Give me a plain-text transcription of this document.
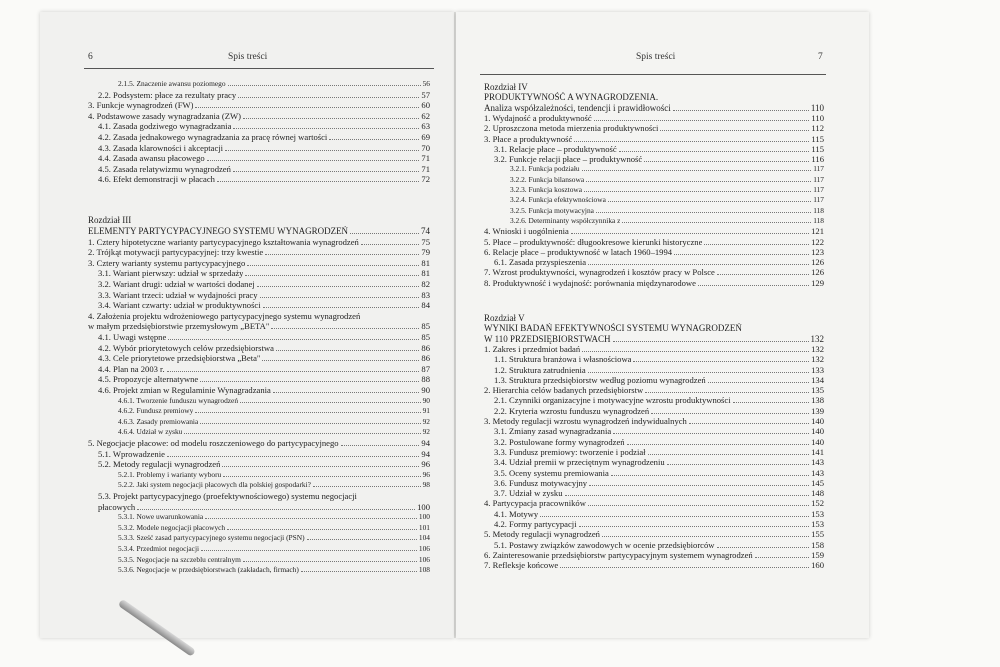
6	Spis treści
2.1.5. Znaczenie awansu poziomego	56
2.2. Podsystem: płace za rezultaty pracy	57
3. Funkcje wynagrodzeń (FW)	60
4. Podstawowe zasady wynagradzania (ZW)	62
4.1. Zasada godziwego wynagradzania	63
4.2. Zasada jednakowego wynagradzania za pracę równej wartości	69
4.3. Zasada klarowności i akceptacji	70
4.4. Zasada awansu płacowego	71
4.5. Zasada relatywizmu wynagrodzeń	71
4.6. Efekt demonstracji w płacach	72
Rozdział III
ELEMENTY PARTYCYPACYJNEGO SYSTEMU WYNAGRODZEŃ	74
1. Cztery hipotetyczne warianty partycypacyjnego kształtowania wynagrodzeń	75
2. Trójkąt motywacji partycypacyjnej: trzy kwestie	79
3. Cztery warianty systemu partycypacyjnego	81
3.1. Wariant pierwszy: udział w sprzedaży	81
3.2. Wariant drugi: udział w wartości dodanej	82
3.3. Wariant trzeci: udział w wydajności pracy	83
3.4. Wariant czwarty: udział w produktywności	84
4. Założenia projektu wdrożeniowego partycypacyjnego systemu wynagrodzeń
w małym przedsiębiorstwie przemysłowym „BETA"	85
4.1. Uwagi wstępne	85
4.2. Wybór priorytetowych celów przedsiębiorstwa	86
4.3. Cele priorytetowe przedsiębiorstwa „Beta"	86
4.4. Plan na 2003 r.	87
4.5. Propozycje alternatywne	88
4.6. Projekt zmian w Regulaminie Wynagradzania	90
4.6.1. Tworzenie funduszu wynagrodzeń	90
4.6.2. Fundusz premiowy	91
4.6.3. Zasady premiowania	92
4.6.4. Udział w zysku	92
5. Negocjacje płacowe: od modelu roszczeniowego do partycypacyjnego	94
5.1. Wprowadzenie	94
5.2. Metody regulacji wynagrodzeń	96
5.2.1. Problemy i warianty wyboru	96
5.2.2. Jaki system negocjacji płacowych dla polskiej gospodarki?	98
5.3. Projekt partycypacyjnego (proefektywnościowego) systemu negocjacji
płacowych	100
5.3.1. Nowe uwarunkowania	100
5.3.2. Modele negocjacji płacowych	101
5.3.3. Sześć zasad partycypacyjnego systemu negocjacji (PSN)	104
5.3.4. Przedmiot negocjacji	106
5.3.5. Negocjacje na szczeblu centralnym	106
5.3.6. Negocjacje w przedsiębiorstwach (zakładach, firmach)	108
Spis treści	7
Rozdział IV
PRODUKTYWNOŚĆ A WYNAGRODZENIA.
Analiza współzależności, tendencji i prawidłowości	110
1. Wydajność a produktywność	110
2. Uproszczona metoda mierzenia produktywności	112
3. Płace a produktywność	115
3.1. Relacje płace – produktywność	115
3.2. Funkcje relacji płace – produktywność	116
3.2.1. Funkcja podziału	117
3.2.2. Funkcja bilansowa	117
3.2.3. Funkcja kosztowa	117
3.2.4. Funkcja efektywnościowa	117
3.2.5. Funkcja motywacyjna	118
3.2.6. Determinanty współczynnika z	118
4. Wnioski i uogólnienia	121
5. Płace – produktywność: długookresowe kierunki historyczne	122
6. Relacje płace – produktywność w latach 1960–1994	123
6.1. Zasada przyspieszenia	126
7. Wzrost produktywności, wynagrodzeń i kosztów pracy w Polsce	126
8. Produktywność i wydajność: porównania międzynarodowe	129
Rozdział V
WYNIKI BADAŃ EFEKTYWNOŚCI SYSTEMU WYNAGRODZEŃ
W 110 PRZEDSIĘBIORSTWACH	132
1. Zakres i przedmiot badań	132
1.1. Struktura branżowa i własnościowa	132
1.2. Struktura zatrudnienia	133
1.3. Struktura przedsiębiorstw według poziomu wynagrodzeń	134
2. Hierarchia celów badanych przedsiębiorstw	135
2.1. Czynniki organizacyjne i motywacyjne wzrostu produktywności	138
2.2. Kryteria wzrostu funduszu wynagrodzeń	139
3. Metody regulacji wzrostu wynagrodzeń indywidualnych	140
3.1. Zmiany zasad wynagradzania	140
3.2. Postulowane formy wynagrodzeń	140
3.3. Fundusz premiowy: tworzenie i podział	141
3.4. Udział premii w przeciętnym wynagrodzeniu	143
3.5. Oceny systemu premiowania	143
3.6. Fundusz motywacyjny	145
3.7. Udział w zysku	148
4. Partycypacja pracowników	152
4.1. Motywy	153
4.2. Formy partycypacji	153
5. Metody regulacji wynagrodzeń	155
5.1. Postawy związków zawodowych w ocenie przedsiębiorców	158
6. Zainteresowanie przedsiębiorstw partycypacyjnym systemem wynagrodzeń	159
7. Refleksje końcowe	160
